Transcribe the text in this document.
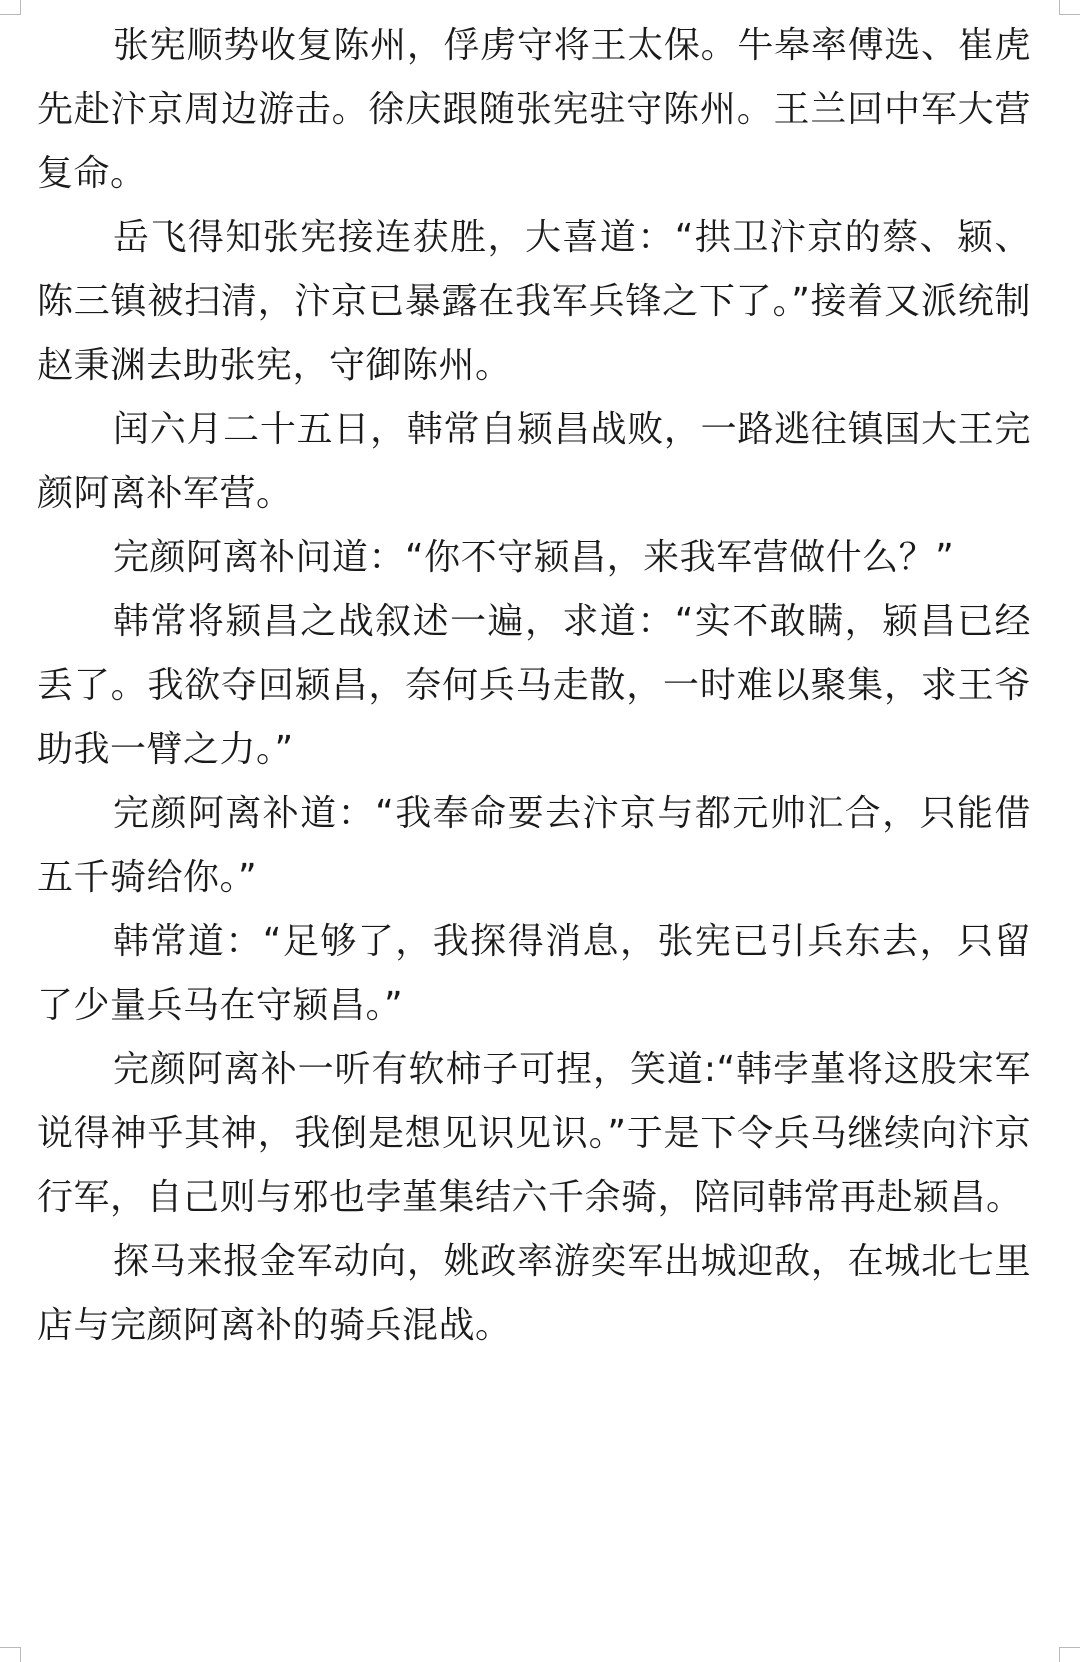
张宪顺势收复陈州，俘虏守将王太保。牛皋率傅选、崔虎先赴汴京周边游击。徐庆跟随张宪驻守陈州。王兰回中军大营复命。

岳飞得知张宪接连获胜，大喜道：“拱卫汴京的蔡、颍、陈三镇被扫清，汴京已暴露在我军兵锋之下了。”接着又派统制赵秉渊去助张宪，守御陈州。

闰六月二十五日，韩常自颍昌战败，一路逃往镇国大王完颜阿离补军营。

完颜阿离补问道：“你不守颍昌，来我军营做什么？”

韩常将颍昌之战叙述一遍，求道：“实不敢瞒，颍昌已经丢了。我欲夺回颍昌，奈何兵马走散，一时难以聚集，求王爷助我一臂之力。”

完颜阿离补道：“我奉命要去汴京与都元帅汇合，只能借五千骑给你。”

韩常道：“足够了，我探得消息，张宪已引兵东去，只留了少量兵马在守颍昌。”

完颜阿离补一听有软柿子可捏，笑道:“韩孛堇将这股宋军说得神乎其神，我倒是想见识见识。”于是下令兵马继续向汴京行军，自己则与邪也孛堇集结六千余骑，陪同韩常再赴颍昌。

探马来报金军动向，姚政率游奕军出城迎敌，在城北七里店与完颜阿离补的骑兵混战。
